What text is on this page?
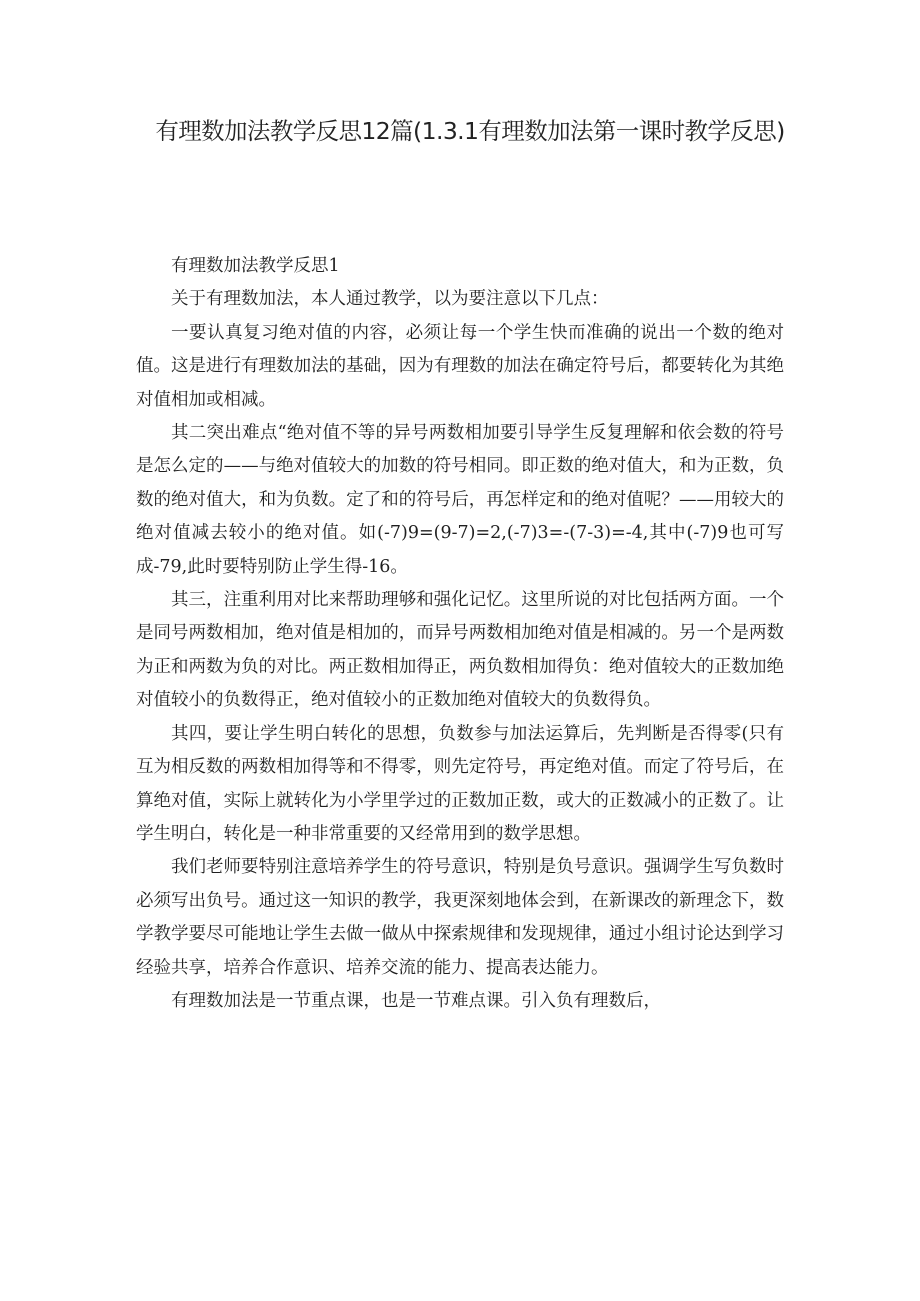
有理数加法教学反思12篇(1.3.1有理数加法第一课时教学反思)

有理数加法教学反思1

关于有理数加法，本人通过教学，以为要注意以下几点：

一要认真复习绝对值的内容，必须让每一个学生快而准确的说出一个数的绝对值。这是进行有理数加法的基础，因为有理数的加法在确定符号后，都要转化为其绝对值相加或相减。

其二突出难点“绝对值不等的异号两数相加要引导学生反复理解和依会数的符号是怎么定的——与绝对值较大的加数的符号相同。即正数的绝对值大，和为正数，负数的绝对值大，和为负数。定了和的符号后，再怎样定和的绝对值呢？——用较大的绝对值减去较小的绝对值。如(-7)9=(9-7)=2,(-7)3=-(7-3)=-4,其中(-7)9也可写成-79,此时要特别防止学生得-16。

其三，注重利用对比来帮助理够和强化记忆。这里所说的对比包括两方面。一个是同号两数相加，绝对值是相加的，而异号两数相加绝对值是相减的。另一个是两数为正和两数为负的对比。两正数相加得正，两负数相加得负：绝对值较大的正数加绝对值较小的负数得正，绝对值较小的正数加绝对值较大的负数得负。

其四，要让学生明白转化的思想，负数参与加法运算后，先判断是否得零(只有互为相反数的两数相加得等和不得零，则先定符号，再定绝对值。而定了符号后，在算绝对值，实际上就转化为小学里学过的正数加正数，或大的正数减小的正数了。让学生明白，转化是一种非常重要的又经常用到的数学思想。

我们老师要特别注意培养学生的符号意识，特别是负号意识。强调学生写负数时必须写出负号。通过这一知识的教学，我更深刻地体会到，在新课改的新理念下，数学教学要尽可能地让学生去做一做从中探索规律和发现规律，通过小组讨论达到学习经验共享，培养合作意识、培养交流的能力、提高表达能力。

有理数加法是一节重点课，也是一节难点课。引入负有理数后，
